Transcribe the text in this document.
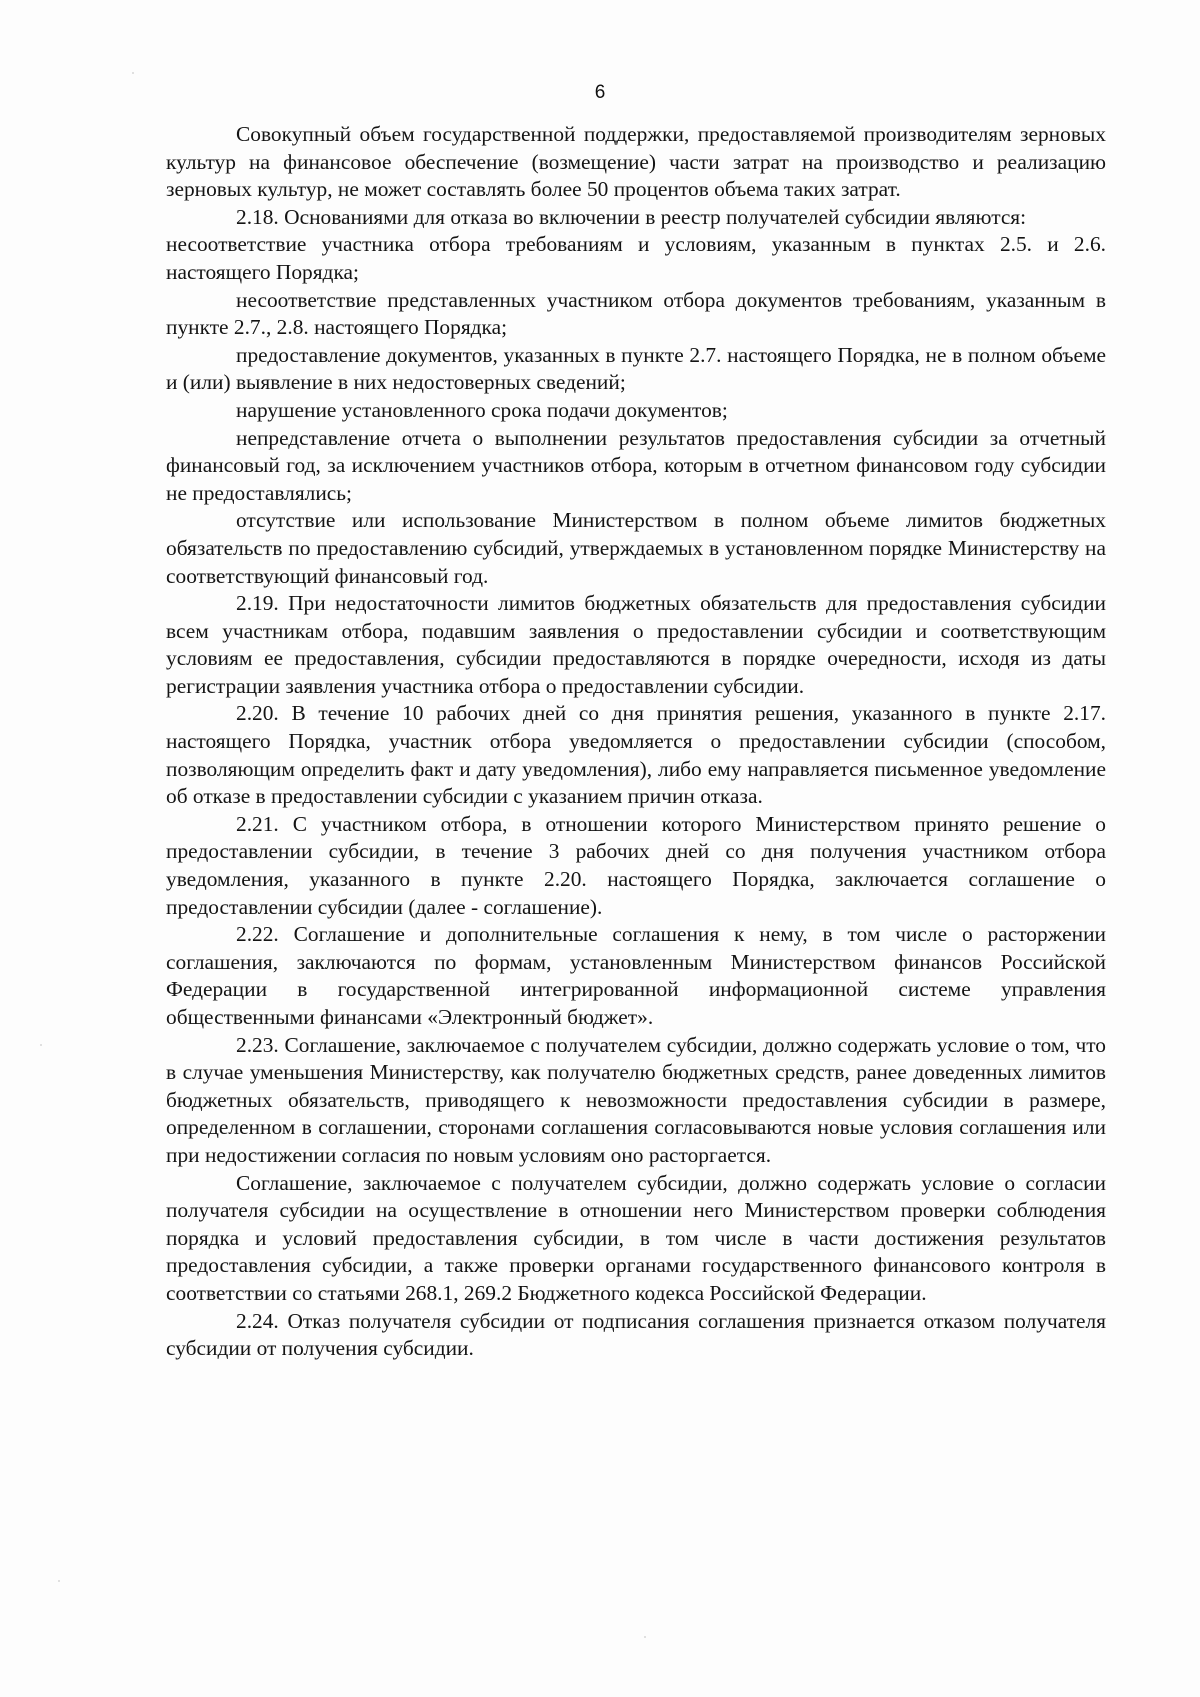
6

Совокупный объем государственной поддержки, предоставляемой производителям зерновых культур на финансовое обеспечение (возмещение) части затрат на производство и реализацию зерновых культур, не может составлять более 50 процентов объема таких затрат.

2.18. Основаниями для отказа во включении в реестр получателей субсидии являются:

несоответствие участника отбора требованиям и условиям, указанным в пунктах 2.5. и 2.6. настоящего Порядка;

несоответствие представленных участником отбора документов требованиям, указанным в пункте 2.7., 2.8. настоящего Порядка;

предоставление документов, указанных в пункте 2.7. настоящего Порядка, не в полном объеме и (или) выявление в них недостоверных сведений;

нарушение установленного срока подачи документов;

непредставление отчета о выполнении результатов предоставления субсидии за отчетный финансовый год, за исключением участников отбора, которым в отчетном финансовом году субсидии не предоставлялись;

отсутствие или использование Министерством в полном объеме лимитов бюджетных обязательств по предоставлению субсидий, утверждаемых в установленном порядке Министерству на соответствующий финансовый год.

2.19. При недостаточности лимитов бюджетных обязательств для предоставления субсидии всем участникам отбора, подавшим заявления о предоставлении субсидии и соответствующим условиям ее предоставления, субсидии предоставляются в порядке очередности, исходя из даты регистрации заявления участника отбора о предоставлении субсидии.

2.20. В течение 10 рабочих дней со дня принятия решения, указанного в пункте 2.17. настоящего Порядка, участник отбора уведомляется о предоставлении субсидии (способом, позволяющим определить факт и дату уведомления), либо ему направляется письменное уведомление об отказе в предоставлении субсидии с указанием причин отказа.

2.21. С участником отбора, в отношении которого Министерством принято решение о предоставлении субсидии, в течение 3 рабочих дней со дня получения участником отбора уведомления, указанного в пункте 2.20. настоящего Порядка, заключается соглашение о предоставлении субсидии (далее - соглашение).

2.22. Соглашение и дополнительные соглашения к нему, в том числе о расторжении соглашения, заключаются по формам, установленным Министерством финансов Российской Федерации в государственной интегрированной информационной системе управления общественными финансами «Электронный бюджет».

2.23. Соглашение, заключаемое с получателем субсидии, должно содержать условие о том, что в случае уменьшения Министерству, как получателю бюджетных средств, ранее доведенных лимитов бюджетных обязательств, приводящего к невозможности предоставления субсидии в размере, определенном в соглашении, сторонами соглашения согласовываются новые условия соглашения или при недостижении согласия по новым условиям оно расторгается.

Соглашение, заключаемое с получателем субсидии, должно содержать условие о согласии получателя субсидии на осуществление в отношении него Министерством проверки соблюдения порядка и условий предоставления субсидии, в том числе в части достижения результатов предоставления субсидии, а также проверки органами государственного финансового контроля в соответствии со статьями 268.1, 269.2 Бюджетного кодекса Российской Федерации.

2.24. Отказ получателя субсидии от подписания соглашения признается отказом получателя субсидии от получения субсидии.
